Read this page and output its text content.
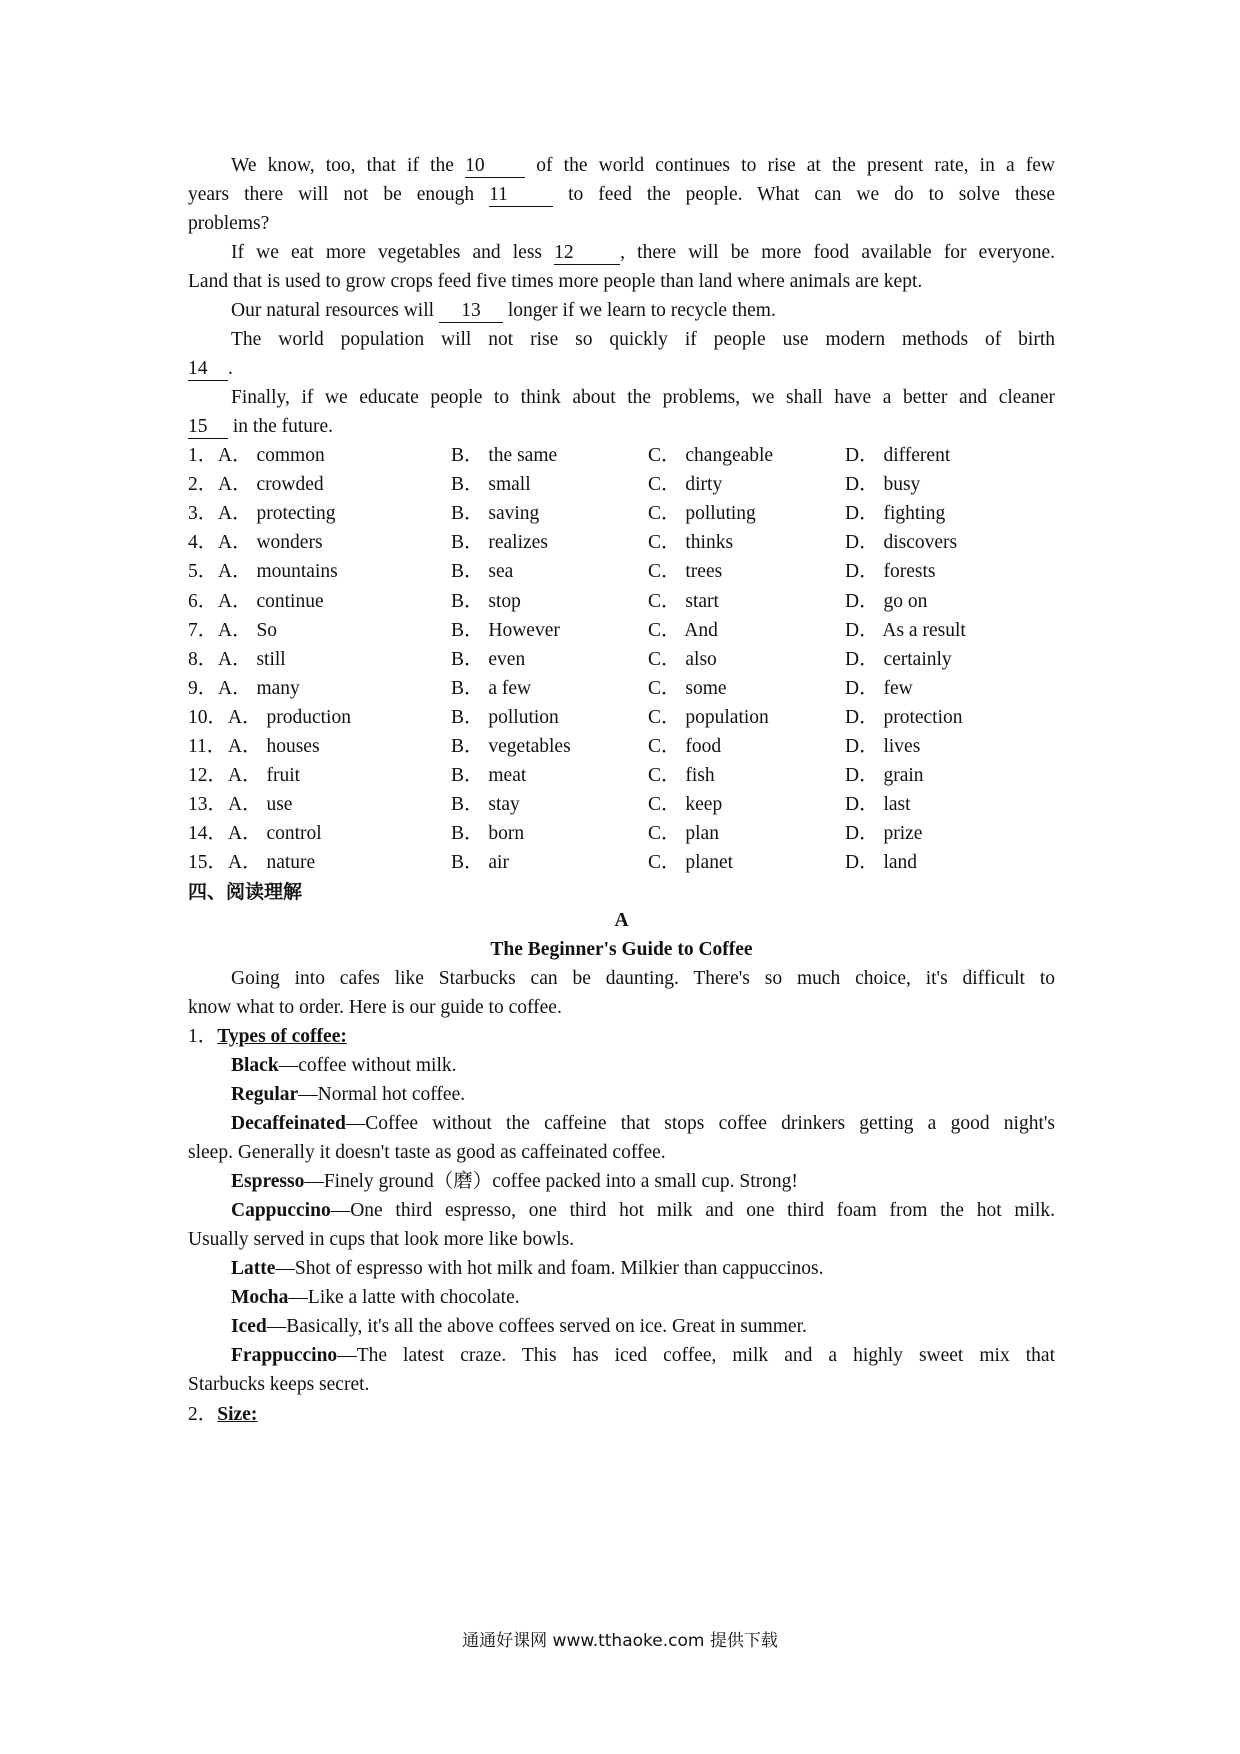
We know, too, that if the 10	of the world continues to rise at the present rate, in a few
years there will not be enough 11	to feed the people. What can we do to solve these
problems?
If we eat more vegetables and less 12 , there will be more food available for everyone.
Land that is used to grow crops feed five times more people than land where animals are kept.
Our natural resources will 13 longer if we learn to recycle them.
The world population will not rise so quickly if people use modern methods of birth
14 .
Finally, if we educate people to think about the problems, we shall have a better and cleaner
15 in the future.
1． A． common	B． the same	C． changeable	D． different
2． A． crowded	B． small	C． dirty	D． busy
3． A． protecting	B． saving	C． polluting	D． fighting
4． A． wonders	B． realizes	C． thinks	D． discovers
5． A． mountains	B． sea	C． trees	D． forests
6． A． continue	B． stop	C． start	D． go on
7． A． So	B． However	C． And	D． As a result
8． A． still	B． even	C． also	D． certainly
9． A． many	B． a few	C． some	D． few
10． A． production	B． pollution	C． population	D． protection
11． A． houses	B． vegetables	C． food	D． lives
12． A． fruit	B． meat	C． fish	D． grain
13． A． use	B． stay	C． keep	D． last
14． A． control	B． born	C． plan	D． prize
15． A． nature	B． air	C． planet	D． land
四、阅读理解
A
The Beginner's Guide to Coffee
Going into cafes like Starbucks can be daunting. There's so much choice, it's difficult to
know what to order. Here is our guide to coffee.
1．Types of coffee:
Black—coffee without milk.
Regular—Normal hot coffee.
Decaffeinated—Coffee without the caffeine that stops coffee drinkers getting a good night's
sleep. Generally it doesn't taste as good as caffeinated coffee.
Espresso—Finely ground（磨）coffee packed into a small cup. Strong!
Cappuccino—One third espresso, one third hot milk and one third foam from the hot milk.
Usually served in cups that look more like bowls.
Latte—Shot of espresso with hot milk and foam. Milkier than cappuccinos.
Mocha—Like a latte with chocolate.
Iced—Basically, it's all the above coffees served on ice. Great in summer.
Frappuccino—The latest craze. This has iced coffee, milk and a highly sweet mix that
Starbucks keeps secret.
2．Size:
通通好课网 www.tthaoke.com 提供下载
